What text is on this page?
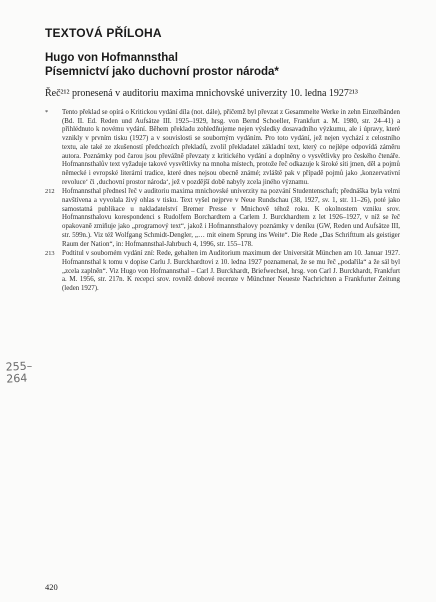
TEXTOVÁ PŘÍLOHA
Hugo von Hofmannsthal
Písemnictví jako duchovní prostor národa*
Řeč²¹² pronesená v auditoriu maxima mnichovské univerzity 10. ledna 1927²¹³
* Tento překlad se opírá o Kritickou vydání díla (not. dále), přičemž byl převzat z Gesammelte Werke in zehn Einzelbänden (Bd. II. Ed. Reden und Aufsätze III. 1925–1929, hrsg. von Bernd Schoeller, Frankfurt a. M. 1980, str. 24–41) a přihlédnuto k novému vydání. Během překladu zohledňujeme nejen výsledky dosavadního výzkumu, ale i úpravy, které vznikly v prvním tisku (1927) a v souvislosti se souborným vydáním. Pro toto vydání, jež nejen vychází z celostního textu, ale také ze zkušeností předchozích překladů, zvolil překladatel základní text, který co nejlépe odpovídá záměru autora. Poznámky pod čarou jsou převážně převzaty z kritického vydání a doplněny o vysvětlivky pro českého čtenáře. Hofmannsthalův text vyžaduje takové vysvětlivky na mnoha místech, protože řeč odkazuje k široké síti jmen, děl a pojmů německé i evropské literární tradice, které dnes nejsou obecně známé; zvláště pak v případě pojmů jako ‚konzervativní revoluce‘ či ‚duchovní prostor národa‘, jež v pozdější době nabyly zcela jiného významu.
212 Hofmannsthal přednesl řeč v auditoriu maxima mnichovské univerzity na pozvání Studentenschaft; přednáška byla velmi navštívena a vyvolala živý ohlas v tisku. Text vyšel nejprve v Neue Rundschau (38, 1927, sv. 1, str. 11–26), poté jako samostatná publikace u nakladatelství Bremer Presse v Mnichově téhož roku. K okolnostem vzniku srov. Hofmannsthalovu korespondenci s Rudolfem Borchardtem a Carlem J. Burckhardtem z let 1926–1927, v níž se řeč opakovaně zmiňuje jako „programový text“, jakož i Hofmannsthalovy poznámky v deníku (GW, Reden und Aufsätze III, str. 599n.). Viz též Wolfgang Schmidt-Dengler, „… mit einem Sprung ins Weite“. Die Rede „Das Schrifttum als geistiger Raum der Nation“, in: Hofmannsthal-Jahrbuch 4, 1996, str. 155–178.
213 Podtitul v souborném vydání zní: Rede, gehalten im Auditorium maximum der Universität München am 10. Januar 1927. Hofmannsthal k tomu v dopise Carlu J. Burckhardtovi z 10. ledna 1927 poznamenal, že se mu řeč „podařila“ a že sál byl „zcela zaplněn“. Viz Hugo von Hofmannsthal – Carl J. Burckhardt, Briefwechsel, hrsg. von Carl J. Burckhardt, Frankfurt a. M. 1956, str. 217n. K recepci srov. rovněž dobové recenze v Münchner Neueste Nachrichten a Frankfurter Zeitung (leden 1927).
255–264
420
